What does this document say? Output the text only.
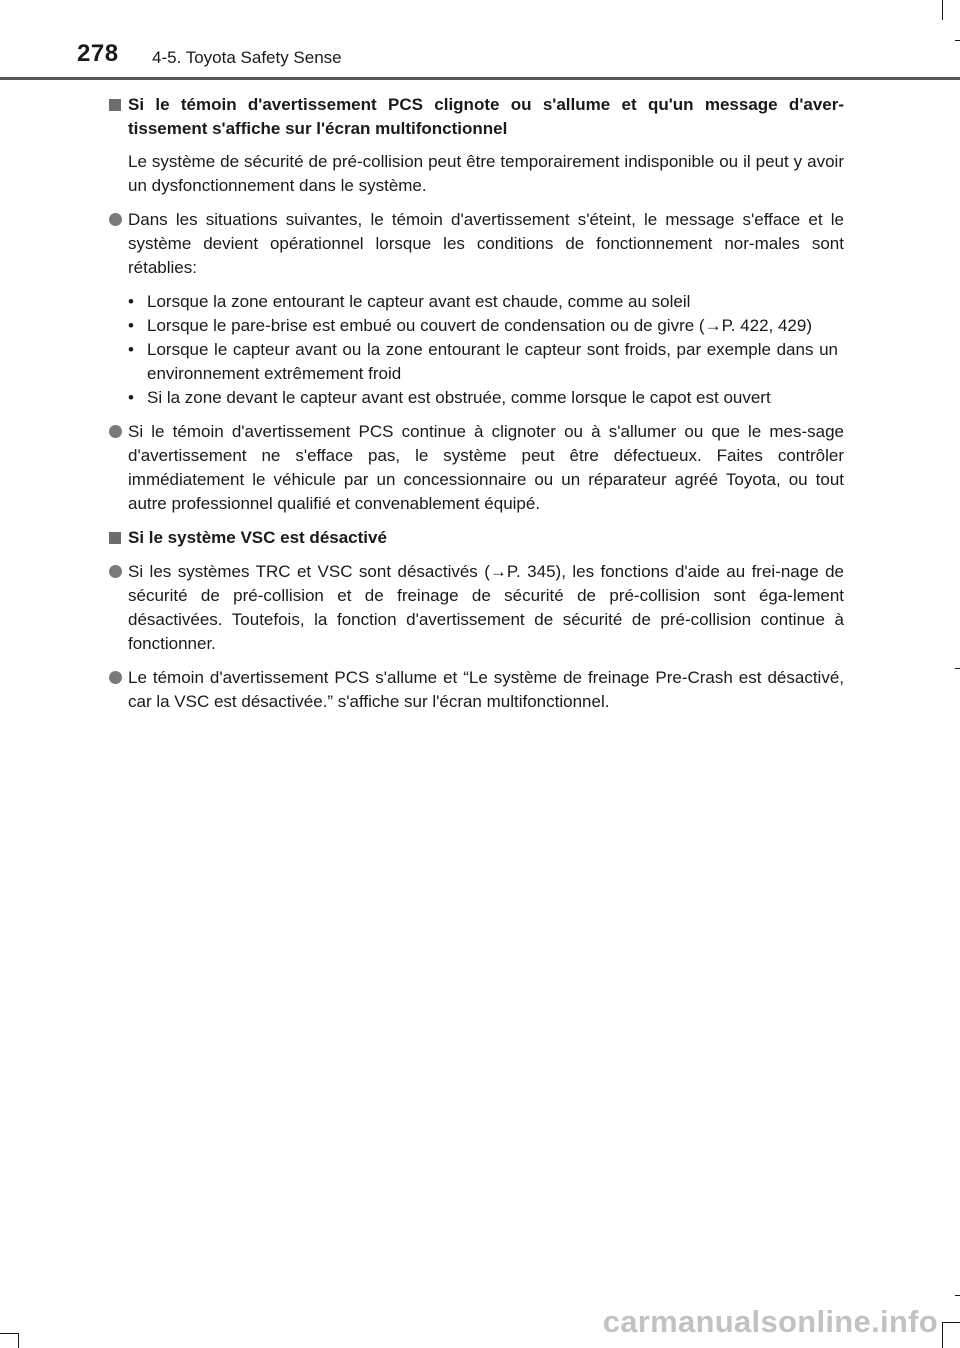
278 4-5. Toyota Safety Sense

Si le témoin d'avertissement PCS clignote ou s'allume et qu'un message d'aver-tissement s'affiche sur l'écran multifonctionnel

Le système de sécurité de pré-collision peut être temporairement indisponible ou il peut y avoir un dysfonctionnement dans le système.

Dans les situations suivantes, le témoin d'avertissement s'éteint, le message s'efface et le système devient opérationnel lorsque les conditions de fonctionnement nor-males sont rétablies:
• Lorsque la zone entourant le capteur avant est chaude, comme au soleil
• Lorsque le pare-brise est embué ou couvert de condensation ou de givre (→P. 422, 429)
• Lorsque le capteur avant ou la zone entourant le capteur sont froids, par exemple dans un environnement extrêmement froid
• Si la zone devant le capteur avant est obstruée, comme lorsque le capot est ouvert
Si le témoin d'avertissement PCS continue à clignoter ou à s'allumer ou que le mes-sage d'avertissement ne s'efface pas, le système peut être défectueux. Faites contrôler immédiatement le véhicule par un concessionnaire ou un réparateur agréé Toyota, ou tout autre professionnel qualifié et convenablement équipé.

Si le système VSC est désactivé

Si les systèmes TRC et VSC sont désactivés (→P. 345), les fonctions d'aide au frei-nage de sécurité de pré-collision et de freinage de sécurité de pré-collision sont éga-lement désactivées. Toutefois, la fonction d'avertissement de sécurité de pré-collision continue à fonctionner.
Le témoin d'avertissement PCS s'allume et “Le système de freinage Pre-Crash est désactivé, car la VSC est désactivée.” s'affiche sur l'écran multifonctionnel.
carmanualsonline.info
